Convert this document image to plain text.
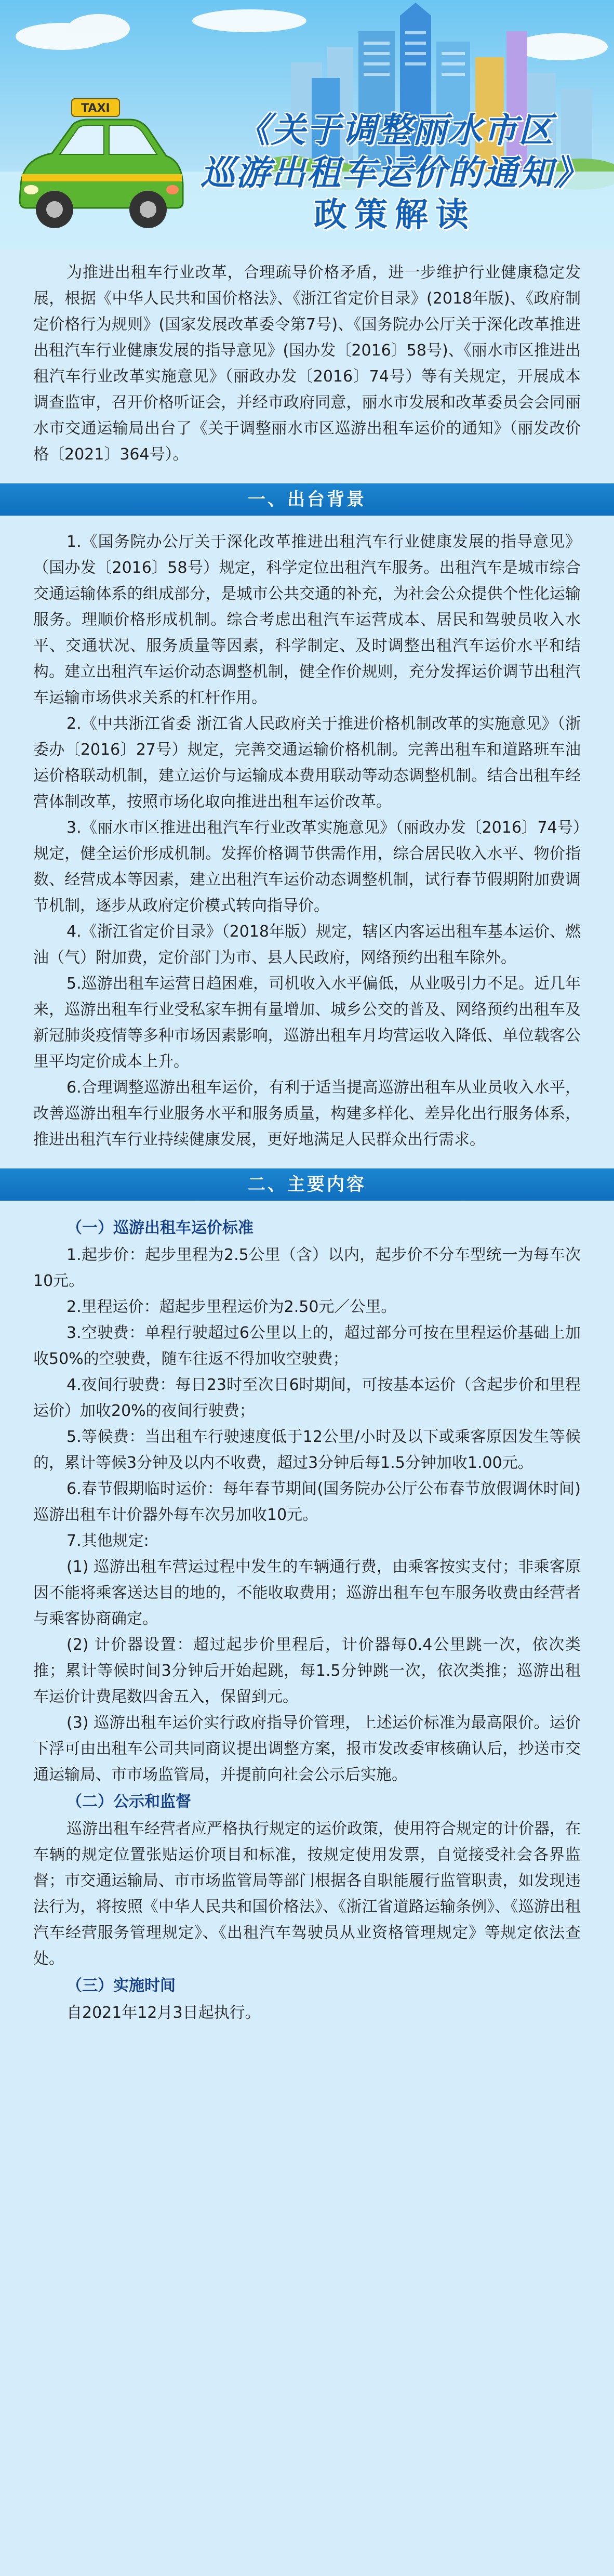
TAXI
《关于调整丽水市区
巡游出租车运价的通知》
政策解读

为推进出租车行业改革，合理疏导价格矛盾，进一步维护行业健康稳定发展，根据《中华人民共和国价格法》、《浙江省定价目录》(2018年版)、《政府制定价格行为规则》(国家发展改革委令第7号)、《国务院办公厅关于深化改革推进出租汽车行业健康发展的指导意见》(国办发〔2016〕58号)、《丽水市区推进出租汽车行业改革实施意见》（丽政办发〔2016〕74号）等有关规定，开展成本调查监审，召开价格听证会，并经市政府同意，丽水市发展和改革委员会会同丽水市交通运输局出台了《关于调整丽水市区巡游出租车运价的通知》（丽发改价格〔2021〕364号）。

一、出台背景

1.《国务院办公厅关于深化改革推进出租汽车行业健康发展的指导意见》（国办发〔2016〕58号）规定，科学定位出租汽车服务。出租汽车是城市综合交通运输体系的组成部分，是城市公共交通的补充，为社会公众提供个性化运输服务。理顺价格形成机制。综合考虑出租汽车运营成本、居民和驾驶员收入水平、交通状况、服务质量等因素，科学制定、及时调整出租汽车运价水平和结构。建立出租汽车运价动态调整机制，健全作价规则，充分发挥运价调节出租汽车运输市场供求关系的杠杆作用。

2.《中共浙江省委 浙江省人民政府关于推进价格机制改革的实施意见》（浙委办〔2016〕27号）规定，完善交通运输价格机制。完善出租车和道路班车油运价格联动机制，建立运价与运输成本费用联动等动态调整机制。结合出租车经营体制改革，按照市场化取向推进出租车运价改革。

3.《丽水市区推进出租汽车行业改革实施意见》（丽政办发〔2016〕74号）规定，健全运价形成机制。发挥价格调节供需作用，综合居民收入水平、物价指数、经营成本等因素，建立出租汽车运价动态调整机制，试行春节假期附加费调节机制，逐步从政府定价模式转向指导价。

4.《浙江省定价目录》（2018年版）规定，辖区内客运出租车基本运价、燃油（气）附加费，定价部门为市、县人民政府，网络预约出租车除外。

5.巡游出租车运营日趋困难，司机收入水平偏低，从业吸引力不足。近几年来，巡游出租车行业受私家车拥有量增加、城乡公交的普及、网络预约出租车及新冠肺炎疫情等多种市场因素影响，巡游出租车月均营运收入降低、单位载客公里平均定价成本上升。

6.合理调整巡游出租车运价，有利于适当提高巡游出租车从业员收入水平，改善巡游出租车行业服务水平和服务质量，构建多样化、差异化出行服务体系，推进出租汽车行业持续健康发展，更好地满足人民群众出行需求。

二、主要内容
（一）巡游出租车运价标准

1.起步价：起步里程为2.5公里（含）以内，起步价不分车型统一为每车次10元。

2.里程运价：超起步里程运价为2.50元／公里。

3.空驶费：单程行驶超过6公里以上的，超过部分可按在里程运价基础上加收50%的空驶费，随车往返不得加收空驶费；

4.夜间行驶费：每日23时至次日6时期间，可按基本运价（含起步价和里程运价）加收20%的夜间行驶费；

5.等候费：当出租车行驶速度低于12公里/小时及以下或乘客原因发生等候的，累计等候3分钟及以内不收费，超过3分钟后每1.5分钟加收1.00元。

6.春节假期临时运价：每年春节期间(国务院办公厅公布春节放假调休时间)巡游出租车计价器外每车次另加收10元。

7.其他规定:

(1) 巡游出租车营运过程中发生的车辆通行费，由乘客按实支付；非乘客原因不能将乘客送达目的地的，不能收取费用；巡游出租车包车服务收费由经营者与乘客协商确定。

(2) 计价器设置：超过起步价里程后，计价器每0.4公里跳一次，依次类推；累计等候时间3分钟后开始起跳，每1.5分钟跳一次，依次类推；巡游出租车运价计费尾数四舍五入，保留到元。

(3) 巡游出租车运价实行政府指导价管理，上述运价标准为最高限价。运价下浮可由出租车公司共同商议提出调整方案，报市发改委审核确认后，抄送市交通运输局、市市场监管局，并提前向社会公示后实施。

（二）公示和监督

巡游出租车经营者应严格执行规定的运价政策，使用符合规定的计价器，在车辆的规定位置张贴运价项目和标准，按规定使用发票，自觉接受社会各界监督；市交通运输局、市市场监管局等部门根据各自职能履行监管职责，如发现违法行为，将按照《中华人民共和国价格法》、《浙江省道路运输条例》、《巡游出租汽车经营服务管理规定》、《出租汽车驾驶员从业资格管理规定》等规定依法查处。

（三）实施时间

自2021年12月3日起执行。
